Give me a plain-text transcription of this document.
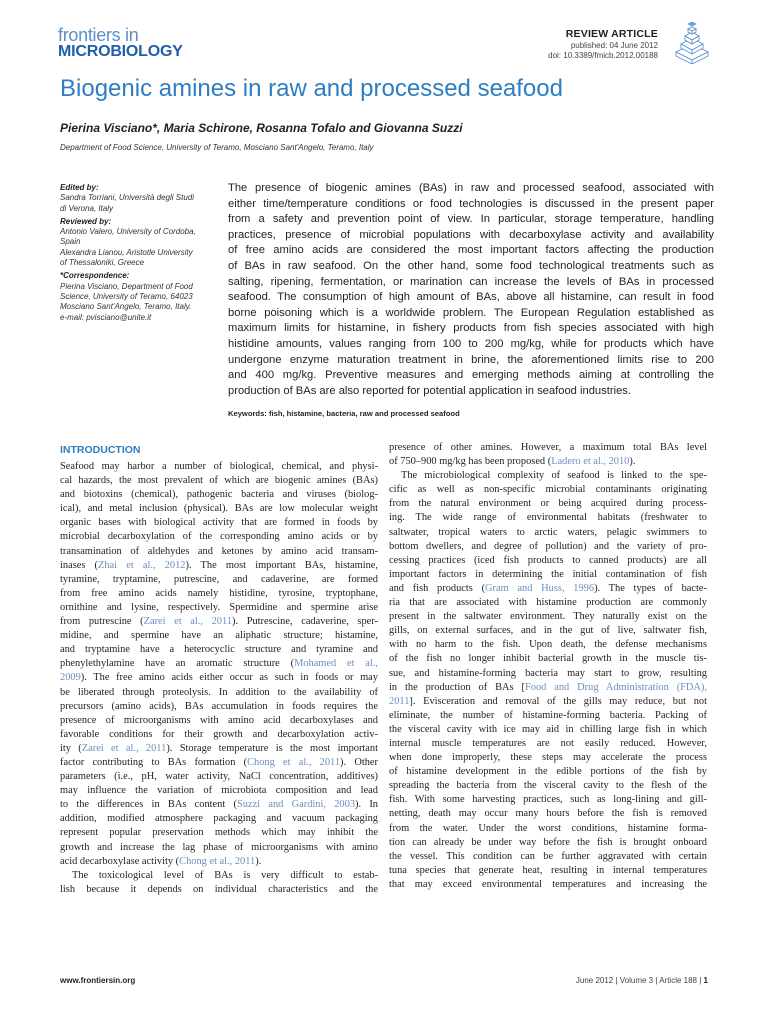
frontiers in
MICROBIOLOGY
REVIEW ARTICLE
published: 04 June 2012
doi: 10.3389/fmicb.2012.00188
Biogenic amines in raw and processed seafood
Pierina Visciano*, Maria Schirone, Rosanna Tofalo and Giovanna Suzzi
Department of Food Science, University of Teramo, Mosciano Sant'Angelo, Teramo, Italy
Edited by:
Sandra Torriani, Università degli Studi
di Verona, Italy
Reviewed by:
Antonio Valero, University of Cordoba,
Spain
Alexandra Lianou, Aristotle University
of Thessaloniki, Greece
*Correspondence:
Pierina Visciano, Department of Food
Science, University of Teramo, 64023
Mosciano Sant'Angelo, Teramo, Italy.
e-mail: pvisciano@unite.it
The presence of biogenic amines (BAs) in raw and processed seafood, associated with
either time/temperature conditions or food technologies is discussed in the present paper
from a safety and prevention point of view. In particular, storage temperature, handling
practices, presence of microbial populations with decarboxylase activity and availability
of free amino acids are considered the most important factors affecting the production
of BAs in raw seafood. On the other hand, some food technological treatments such as
salting, ripening, fermentation, or marination can increase the levels of BAs in processed
seafood. The consumption of high amount of BAs, above all histamine, can result in food
borne poisoning which is a worldwide problem. The European Regulation established as
maximum limits for histamine, in fishery products from fish species associated with high
histidine amounts, values ranging from 100 to 200 mg/kg, while for products which have
undergone enzyme maturation treatment in brine, the aforementioned limits rise to 200
and 400 mg/kg. Preventive measures and emerging methods aiming at controlling the
production of BAs are also reported for potential application in seafood industries.
Keywords: fish, histamine, bacteria, raw and processed seafood
INTRODUCTION
Seafood may harbor a number of biological, chemical, and physi-
cal hazards, the most prevalent of which are biogenic amines (BAs)
and biotoxins (chemical), pathogenic bacteria and viruses (biolog-
ical), and metal inclusion (physical). BAs are low molecular weight
organic bases with biological activity that are formed in foods by
microbial decarboxylation of the corresponding amino acids or by
transamination of aldehydes and ketones by amino acid transam-
inases (Zhai et al., 2012). The most important BAs, histamine,
tyramine, tryptamine, putrescine, and cadaverine, are formed
from free amino acids namely histidine, tyrosine, tryptophane,
ornithine and lysine, respectively. Spermidine and spermine arise
from putrescine (Zarei et al., 2011). Putrescine, cadaverine, sper-
midine, and spermine have an aliphatic structure; histamine,
and tryptamine have a heterocyclic structure and tyramine and
phenylethylamine have an aromatic structure (Mohamed et al.,
2009). The free amino acids either occur as such in foods or may
be liberated through proteolysis. In addition to the availability of
precursors (amino acids), BAs accumulation in foods requires the
presence of microorganisms with amino acid decarboxylases and
favorable conditions for their growth and decarboxylation activ-
ity (Zarei et al., 2011). Storage temperature is the most important
factor contributing to BAs formation (Chong et al., 2011). Other
parameters (i.e., pH, water activity, NaCl concentration, additives)
may influence the variation of microbiota composition and lead
to the differences in BAs content (Suzzi and Gardini, 2003). In
addition, modified atmosphere packaging and vacuum packaging
represent popular preservation methods which may inhibit the
growth and increase the lag phase of microorganisms with amino
acid decarboxylase activity (Chong et al., 2011).
The toxicological level of BAs is very difficult to estab-
lish because it depends on individual characteristics and the
presence of other amines. However, a maximum total BAs level
of 750–900 mg/kg has been proposed (Ladero et al., 2010).
The microbiological complexity of seafood is linked to the spe-
cific as well as non-specific microbial contaminants originating
from the natural environment or being acquired during process-
ing. The wide range of environmental habitats (freshwater to
saltwater, tropical waters to arctic waters, pelagic swimmers to
bottom dwellers, and degree of pollution) and the variety of pro-
cessing practices (iced fish products to canned products) are all
important factors in determining the initial contamination of fish
and fish products (Gram and Huss, 1996). The types of bacte-
ria that are associated with histamine production are commonly
present in the saltwater environment. They naturally exist on the
gills, on external surfaces, and in the gut of live, saltwater fish,
with no harm to the fish. Upon death, the defense mechanisms
of the fish no longer inhibit bacterial growth in the muscle tis-
sue, and histamine-forming bacteria may start to grow, resulting
in the production of BAs [Food and Drug Administration (FDA),
2011]. Evisceration and removal of the gills may reduce, but not
eliminate, the number of histamine-forming bacteria. Packing of
the visceral cavity with ice may aid in chilling large fish in which
internal muscle temperatures are not easily reduced. However,
when done improperly, these steps may accelerate the process
of histamine development in the edible portions of the fish by
spreading the bacteria from the visceral cavity to the flesh of the
fish. With some harvesting practices, such as long-lining and gill-
netting, death may occur many hours before the fish is removed
from the water. Under the worst conditions, histamine forma-
tion can already be under way before the fish is brought onboard
the vessel. This condition can be further aggravated with certain
tuna species that generate heat, resulting in internal temperatures
that may exceed environmental temperatures and increasing the
www.frontiersin.org	June 2012 | Volume 3 | Article 188 | 1
